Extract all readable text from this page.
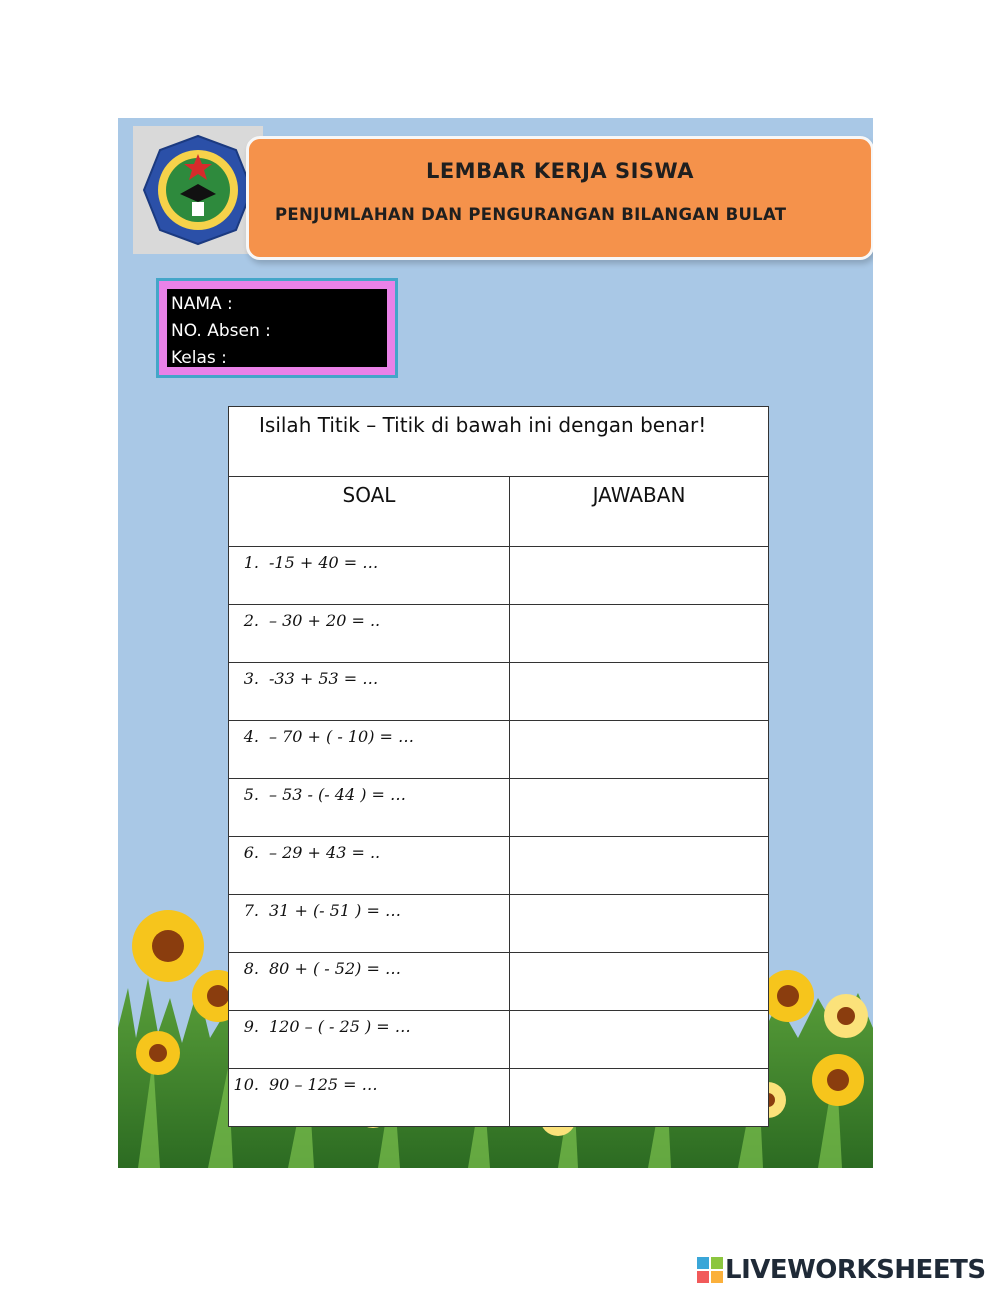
LEMBAR KERJA SISWA
PENJUMLAHAN DAN PENGURANGAN BILANGAN BULAT
NAMA :
NO. Absen :
Kelas :
Isilah Titik – Titik di bawah ini dengan benar!	
SOAL	JAWABAN
1. -15 + 40 = …	
2. – 30 + 20 = ..	
3. -33 + 53 = …	
4. – 70 + ( - 10) = …	
5. – 53 - (- 44 ) = …	
6. – 29 + 43 = ..	
7. 31 + (- 51 ) = …	
8. 80 + ( - 52) = …	
9. 120 – ( - 25 ) = …	
10. 90 – 125 = …	
LIVEWORKSHEETS
